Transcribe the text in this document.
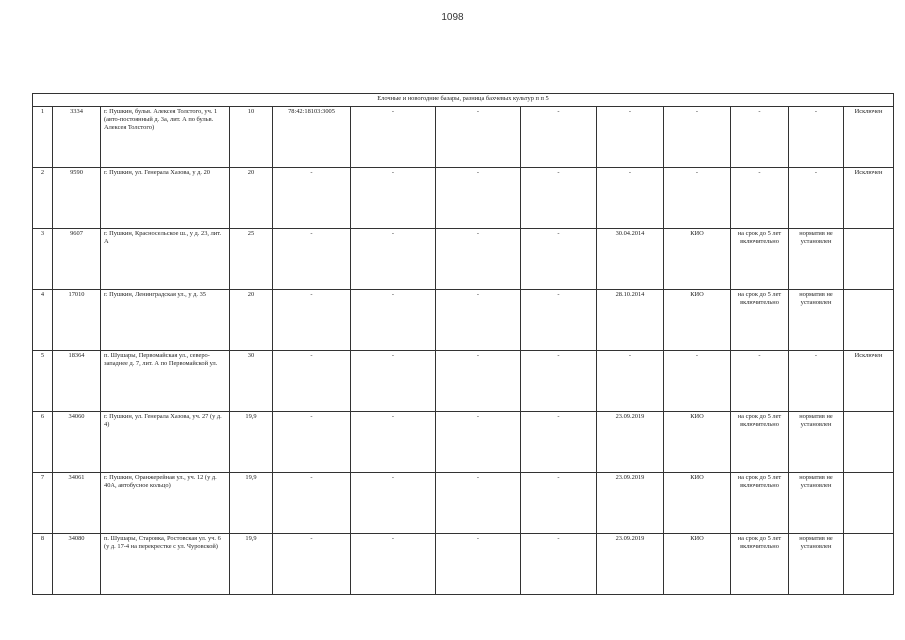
1098
Елочные и новогодние базары, разница бахчевых культур п п 5												
1	3334	г. Пушкин, бульв. Алексея Толстого, уч. 1 (авто-постоянный д. 3а, лит. А по бульв. Алексея Толстого)	10	78:42:18103:3005	-	-	-	-	-	-	-	Исключен
2	9590	г. Пушкин, ул. Генерала Хазова, у д. 20	20	-	-	-	-	-	-	-	-	Исключен
3	9607	г. Пушкин, Красносельское ш., у д. 23, лит. А	25	-	-	-	-	30.04.2014	КИО	на срок до 5 лет включительно	норматив не установлен	
4	17010	г. Пушкин, Ленинградская ул., у д. 35	20	-	-	-	-	28.10.2014	КИО	на срок до 5 лет включительно	норматив не установлен	
5	18364	п. Шушары, Первомайская ул., северо-западнее д. 7, лит. А по Первомайской ул.	30	-	-	-	-	-	-	-	-	Исключен
6	34060	г. Пушкин, ул. Генерала Хазова, уч. 27 (у д. 4)	19,9	-	-	-	-	23.09.2019	КИО	на срок до 5 лет включительно	норматив не установлен	
7	34061	г. Пушкин, Оранжерейная ул., уч. 12 (у д. 40А, автобусное кольцо)	19,9	-	-	-	-	23.09.2019	КИО	на срок до 5 лет включительно	норматив не установлен	
8	34080	п. Шушары, Старовка, Ростовская ул. уч. 6 (у д. 17-4 на перекрестке с ул. Чуровской)	19,9	-	-	-	-	23.09.2019	КИО	на срок до 5 лет включительно	норматив не установлен	
